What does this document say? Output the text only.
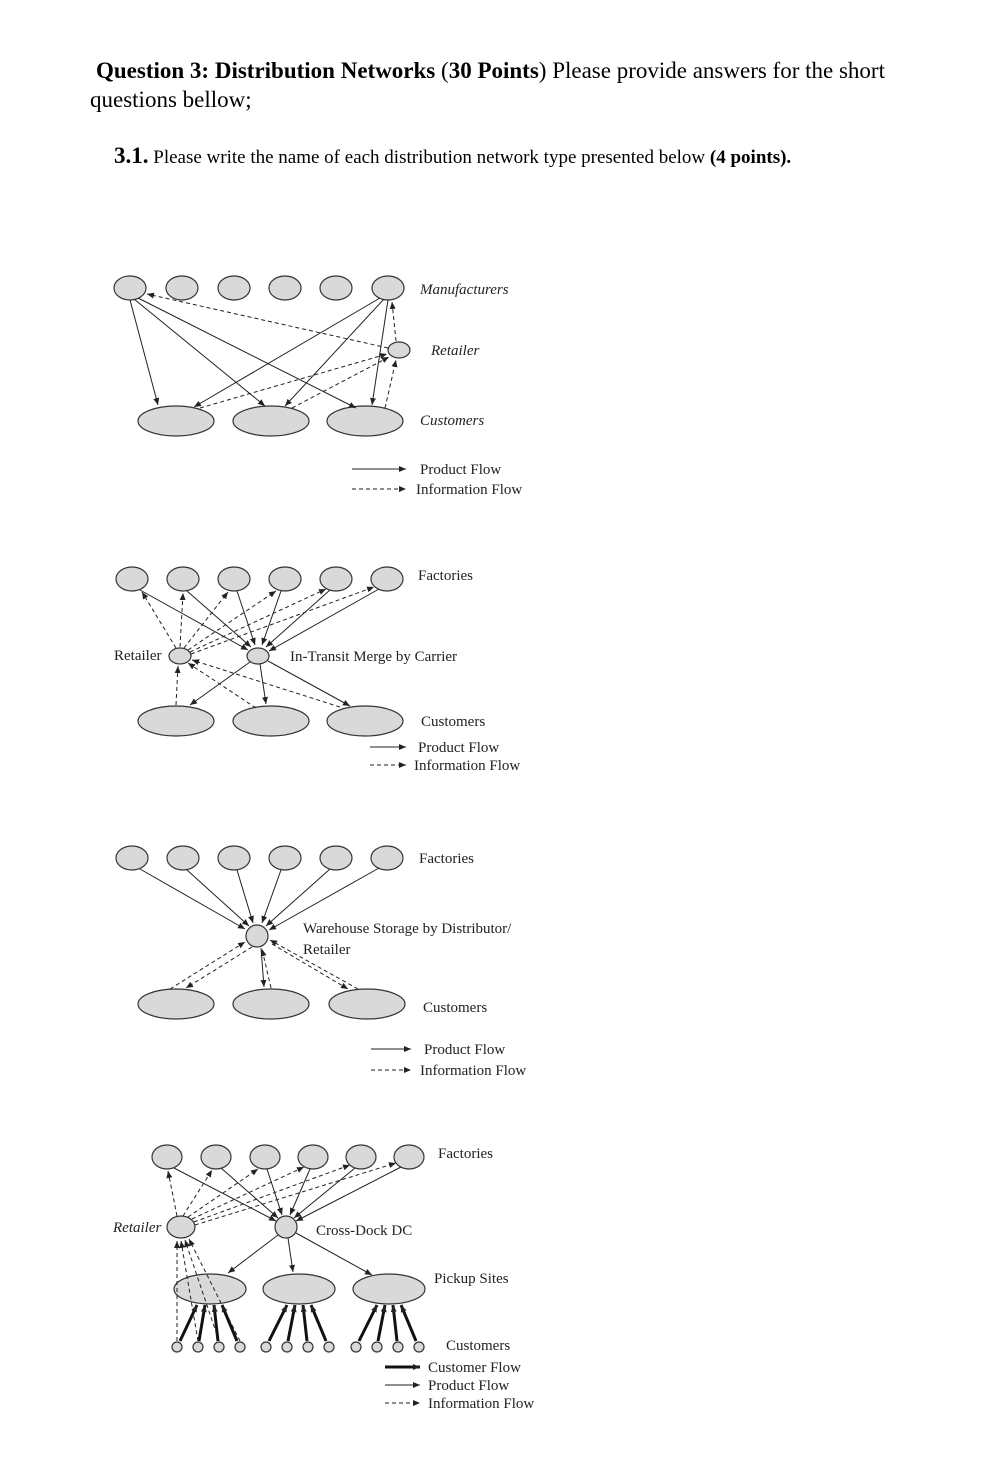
Question 3: Distribution Networks (30 Points) Please provide answers for the short
questions bellow;
3.1. Please write the name of each distribution network type presented below (4 points).
Manufacturers
Retailer
Customers
Product Flow
Information Flow
Factories
Retailer	In-Transit Merge by Carrier
Customers
Product Flow
Information Flow
Factories
Warehouse Storage by Distributor/
Retailer
Customers
Product Flow
Information Flow
Factories
Retailer	Cross-Dock DC
Pickup Sites
Customers
Customer Flow
Product Flow
Information Flow
